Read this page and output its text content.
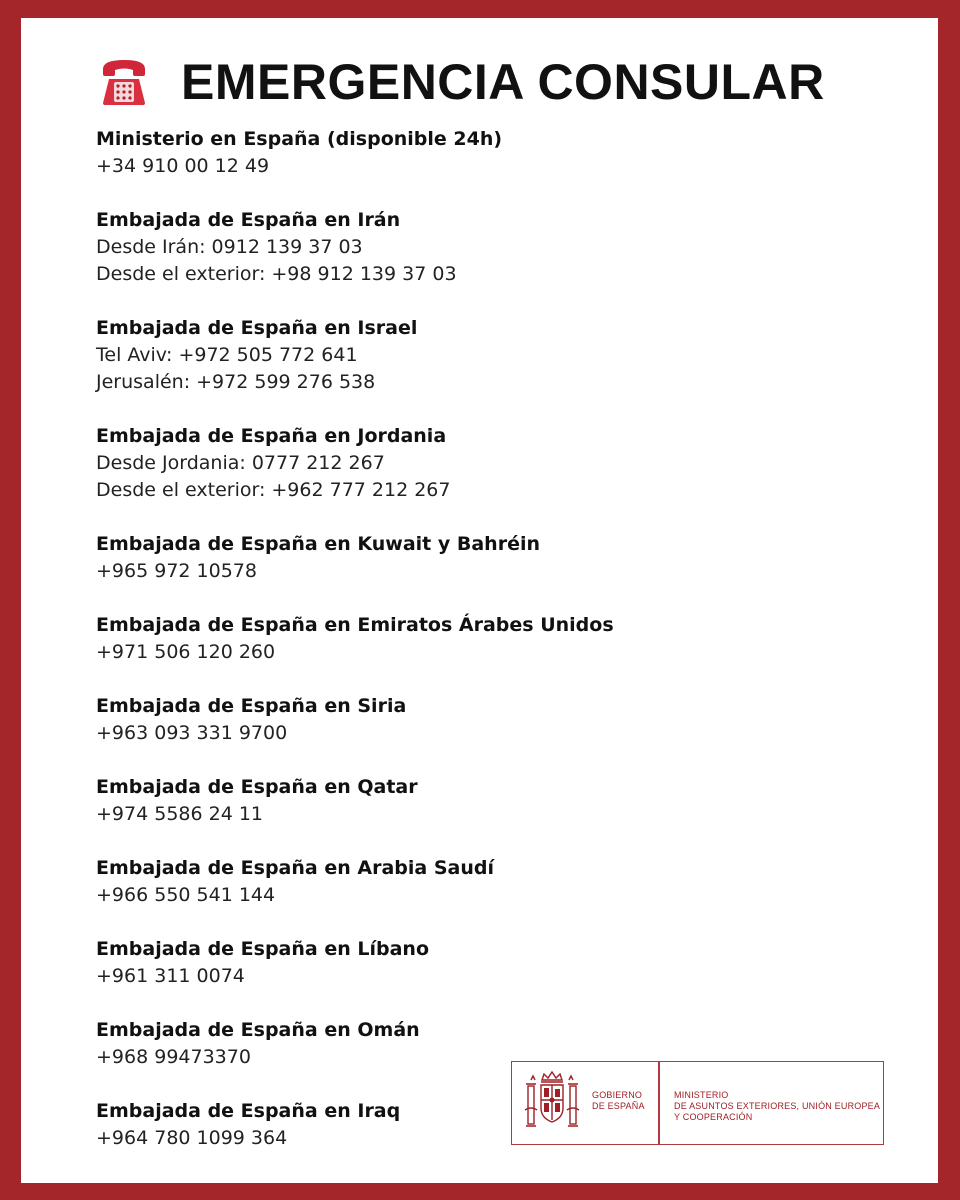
EMERGENCIA CONSULAR
Ministerio en España (disponible 24h)
+34 910 00 12 49
Embajada de España en Irán
Desde Irán: 0912 139 37 03
Desde el exterior: +98 912 139 37 03
Embajada de España en Israel
Tel Aviv: +972 505 772 641
Jerusalén: +972 599 276 538
Embajada de España en Jordania
Desde Jordania: 0777 212 267
Desde el exterior: +962 777 212 267
Embajada de España en Kuwait y Bahréin
+965 972 10578
Embajada de España en Emiratos Árabes Unidos
+971 506 120 260
Embajada de España en Siria
+963 093 331 9700
Embajada de España en Qatar
+974 5586 24 11
Embajada de España en Arabia Saudí
+966 550 541 144
Embajada de España en Líbano
+961 311 0074
Embajada de España en Omán
+968 99473370
Embajada de España en Iraq
+964 780 1099 364
GOBIERNO
DE ESPAÑA
MINISTERIO
DE ASUNTOS EXTERIORES, UNIÓN EUROPEA
Y COOPERACIÓN
